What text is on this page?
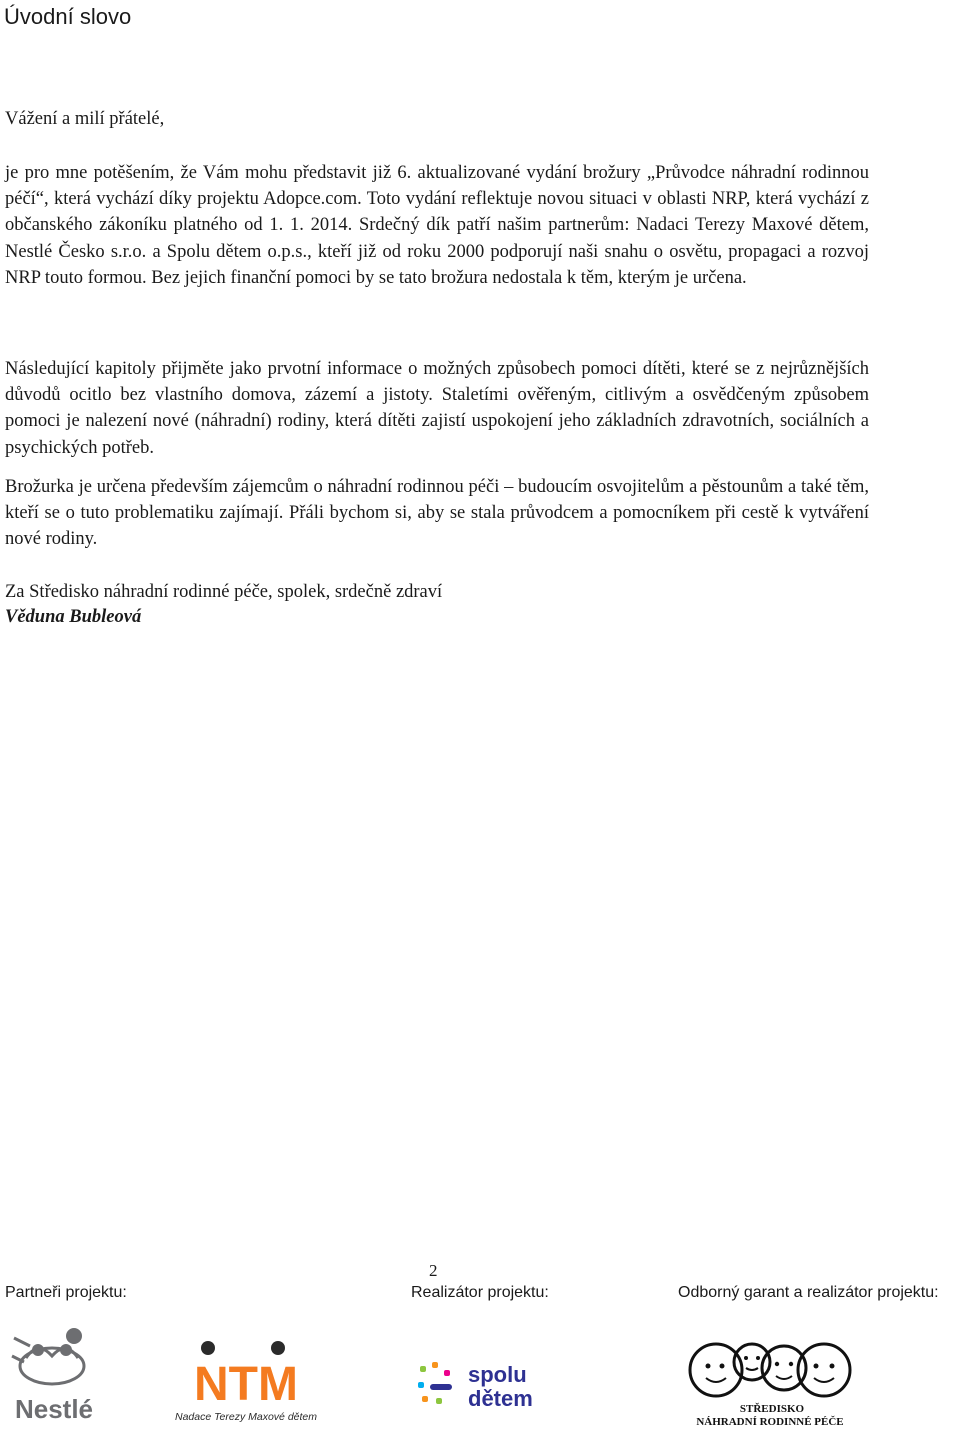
Úvodní slovo

Vážení a milí přátelé,

je pro mne potěšením, že Vám mohu představit již 6. aktualizované vydání brožury „Průvodce náhradní rodinnou péčí“, která vychází díky projektu Adopce.com. Toto vydání reflektuje novou situaci v oblasti NRP, která vychází z občanského zákoníku platného od 1. 1. 2014. Srdečný dík patří našim partnerům: Nadaci Terezy Maxové dětem, Nestlé Česko s.r.o. a Spolu dětem o.p.s., kteří již od roku 2000 podporují naši snahu o osvětu, propagaci a rozvoj NRP touto formou. Bez jejich finanční pomoci by se tato brožura nedostala k těm, kterým je určena.

Následující kapitoly přijměte jako prvotní informace o možných způsobech pomoci dítěti, které se z nejrůznějších důvodů ocitlo bez vlastního domova, zázemí a jistoty. Staletími ověřeným, citlivým a osvědčeným způsobem pomoci je nalezení nové (náhradní) rodiny, která dítěti zajistí uspokojení jeho základních zdravotních, sociálních a psychických potřeb.

Brožurka je určena především zájemcům o náhradní rodinnou péči – budoucím osvojitelům a pěstounům a také těm, kteří se o tuto problematiku zajímají. Přáli bychom si, aby se stala průvodcem a pomocníkem při cestě k vytváření nové rodiny.

Za Středisko náhradní rodinné péče, spolek, srdečně zdraví

Věduna Bubleová

2
Partneři projektu:	Realizátor projektu:	Odborný garant a realizátor projektu:
Nestlé NTM
Nadace Terezy Maxové dětem
spolu
dětem	STŘEDISKO
NÁHRADNÍ RODINNÉ PÉČE
